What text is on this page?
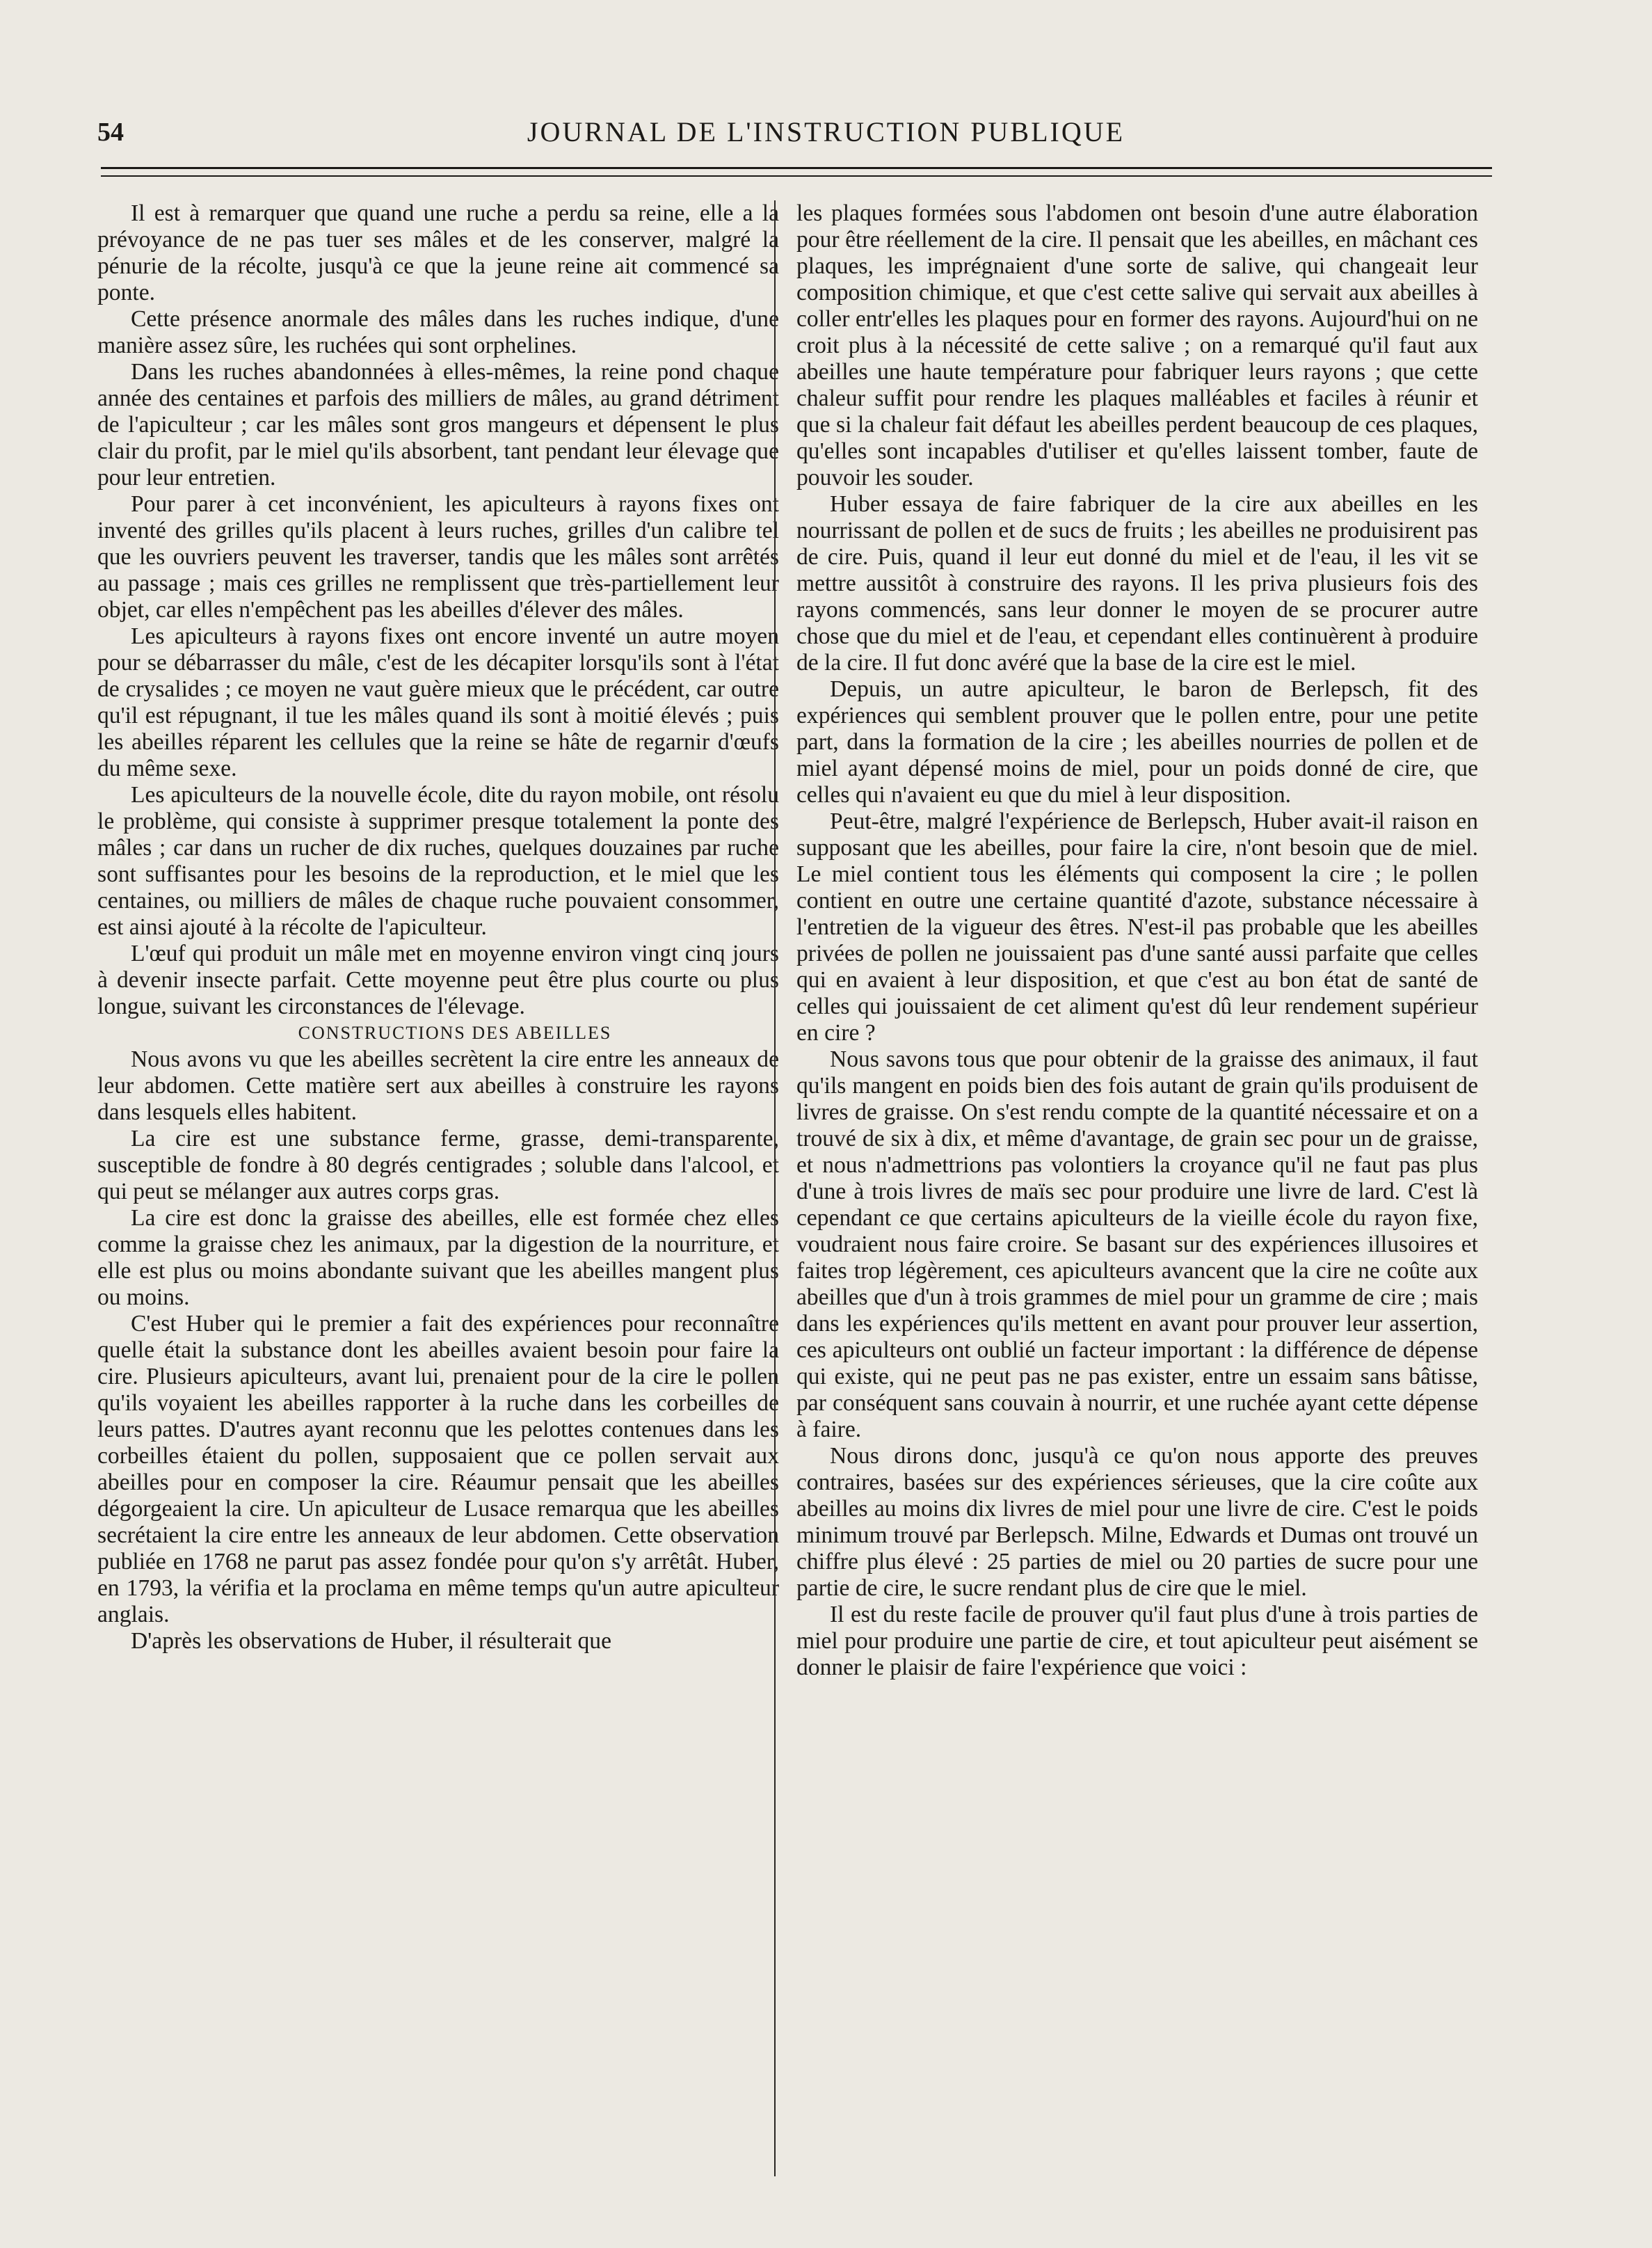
54	JOURNAL DE L'INSTRUCTION PUBLIQUE

Il est à remarquer que quand une ruche a perdu sa reine, elle a la prévoyance de ne pas tuer ses mâles et de les conserver, malgré la pénurie de la récolte, jusqu'à ce que la jeune reine ait commencé sa ponte.

Cette présence anormale des mâles dans les ruches indique, d'une manière assez sûre, les ruchées qui sont orphelines.

Dans les ruches abandonnées à elles-mêmes, la reine pond chaque année des centaines et parfois des milliers de mâles, au grand détriment de l'apiculteur ; car les mâles sont gros mangeurs et dépensent le plus clair du profit, par le miel qu'ils absorbent, tant pendant leur élevage que pour leur entretien.

Pour parer à cet inconvénient, les apiculteurs à rayons fixes ont inventé des grilles qu'ils placent à leurs ruches, grilles d'un calibre tel que les ouvriers peuvent les traverser, tandis que les mâles sont arrêtés au passage ; mais ces grilles ne remplissent que très-partiellement leur objet, car elles n'empêchent pas les abeilles d'élever des mâles.

Les apiculteurs à rayons fixes ont encore inventé un autre moyen pour se débarrasser du mâle, c'est de les décapiter lorsqu'ils sont à l'état de crysalides ; ce moyen ne vaut guère mieux que le précédent, car outre qu'il est répugnant, il tue les mâles quand ils sont à moitié élevés ; puis les abeilles réparent les cellules que la reine se hâte de regarnir d'œufs du même sexe.

Les apiculteurs de la nouvelle école, dite du rayon mobile, ont résolu le problème, qui consiste à supprimer presque totalement la ponte des mâles ; car dans un rucher de dix ruches, quelques douzaines par ruche sont suffisantes pour les besoins de la reproduction, et le miel que les centaines, ou milliers de mâles de chaque ruche pouvaient consommer, est ainsi ajouté à la récolte de l'apiculteur.

L'œuf qui produit un mâle met en moyenne environ vingt cinq jours à devenir insecte parfait. Cette moyenne peut être plus courte ou plus longue, suivant les circonstances de l'élevage.

CONSTRUCTIONS DES ABEILLES

Nous avons vu que les abeilles secrètent la cire entre les anneaux de leur abdomen. Cette matière sert aux abeilles à construire les rayons dans lesquels elles habitent.

La cire est une substance ferme, grasse, demi-transparente, susceptible de fondre à 80 degrés centigrades ; soluble dans l'alcool, et qui peut se mélanger aux autres corps gras.

La cire est donc la graisse des abeilles, elle est formée chez elles comme la graisse chez les animaux, par la digestion de la nourriture, et elle est plus ou moins abondante suivant que les abeilles mangent plus ou moins.

C'est Huber qui le premier a fait des expériences pour reconnaître quelle était la substance dont les abeilles avaient besoin pour faire la cire. Plusieurs apiculteurs, avant lui, prenaient pour de la cire le pollen qu'ils voyaient les abeilles rapporter à la ruche dans les corbeilles de leurs pattes. D'autres ayant reconnu que les pelottes contenues dans les corbeilles étaient du pollen, supposaient que ce pollen servait aux abeilles pour en composer la cire. Réaumur pensait que les abeilles dégorgeaient la cire. Un apiculteur de Lusace remarqua que les abeilles secrétaient la cire entre les anneaux de leur abdomen. Cette observation publiée en 1768 ne parut pas assez fondée pour qu'on s'y arrêtât. Huber, en 1793, la vérifia et la proclama en même temps qu'un autre apiculteur anglais.

D'après les observations de Huber, il résulterait que

les plaques formées sous l'abdomen ont besoin d'une autre élaboration pour être réellement de la cire. Il pensait que les abeilles, en mâchant ces plaques, les imprégnaient d'une sorte de salive, qui changeait leur composition chimique, et que c'est cette salive qui servait aux abeilles à coller entr'elles les plaques pour en former des rayons. Aujourd'hui on ne croit plus à la nécessité de cette salive ; on a remarqué qu'il faut aux abeilles une haute température pour fabriquer leurs rayons ; que cette chaleur suffit pour rendre les plaques malléables et faciles à réunir et que si la chaleur fait défaut les abeilles perdent beaucoup de ces plaques, qu'elles sont incapables d'utiliser et qu'elles laissent tomber, faute de pouvoir les souder.

Huber essaya de faire fabriquer de la cire aux abeilles en les nourrissant de pollen et de sucs de fruits ; les abeilles ne produisirent pas de cire. Puis, quand il leur eut donné du miel et de l'eau, il les vit se mettre aussitôt à construire des rayons. Il les priva plusieurs fois des rayons commencés, sans leur donner le moyen de se procurer autre chose que du miel et de l'eau, et cependant elles continuèrent à produire de la cire. Il fut donc avéré que la base de la cire est le miel.

Depuis, un autre apiculteur, le baron de Berlepsch, fit des expériences qui semblent prouver que le pollen entre, pour une petite part, dans la formation de la cire ; les abeilles nourries de pollen et de miel ayant dépensé moins de miel, pour un poids donné de cire, que celles qui n'avaient eu que du miel à leur disposition.

Peut-être, malgré l'expérience de Berlepsch, Huber avait-il raison en supposant que les abeilles, pour faire la cire, n'ont besoin que de miel. Le miel contient tous les éléments qui composent la cire ; le pollen contient en outre une certaine quantité d'azote, substance nécessaire à l'entretien de la vigueur des êtres. N'est-il pas probable que les abeilles privées de pollen ne jouissaient pas d'une santé aussi parfaite que celles qui en avaient à leur disposition, et que c'est au bon état de santé de celles qui jouissaient de cet aliment qu'est dû leur rendement supérieur en cire ?

Nous savons tous que pour obtenir de la graisse des animaux, il faut qu'ils mangent en poids bien des fois autant de grain qu'ils produisent de livres de graisse. On s'est rendu compte de la quantité nécessaire et on a trouvé de six à dix, et même d'avantage, de grain sec pour un de graisse, et nous n'admettrions pas volontiers la croyance qu'il ne faut pas plus d'une à trois livres de maïs sec pour produire une livre de lard. C'est là cependant ce que certains apiculteurs de la vieille école du rayon fixe, voudraient nous faire croire. Se basant sur des expériences illusoires et faites trop légèrement, ces apiculteurs avancent que la cire ne coûte aux abeilles que d'un à trois grammes de miel pour un gramme de cire ; mais dans les expériences qu'ils mettent en avant pour prouver leur assertion, ces apiculteurs ont oublié un facteur important : la différence de dépense qui existe, qui ne peut pas ne pas exister, entre un essaim sans bâtisse, par conséquent sans couvain à nourrir, et une ruchée ayant cette dépense à faire.

Nous dirons donc, jusqu'à ce qu'on nous apporte des preuves contraires, basées sur des expériences sérieuses, que la cire coûte aux abeilles au moins dix livres de miel pour une livre de cire. C'est le poids minimum trouvé par Berlepsch. Milne, Edwards et Dumas ont trouvé un chiffre plus élevé : 25 parties de miel ou 20 parties de sucre pour une partie de cire, le sucre rendant plus de cire que le miel.

Il est du reste facile de prouver qu'il faut plus d'une à trois parties de miel pour produire une partie de cire, et tout apiculteur peut aisément se donner le plaisir de faire l'expérience que voici :
